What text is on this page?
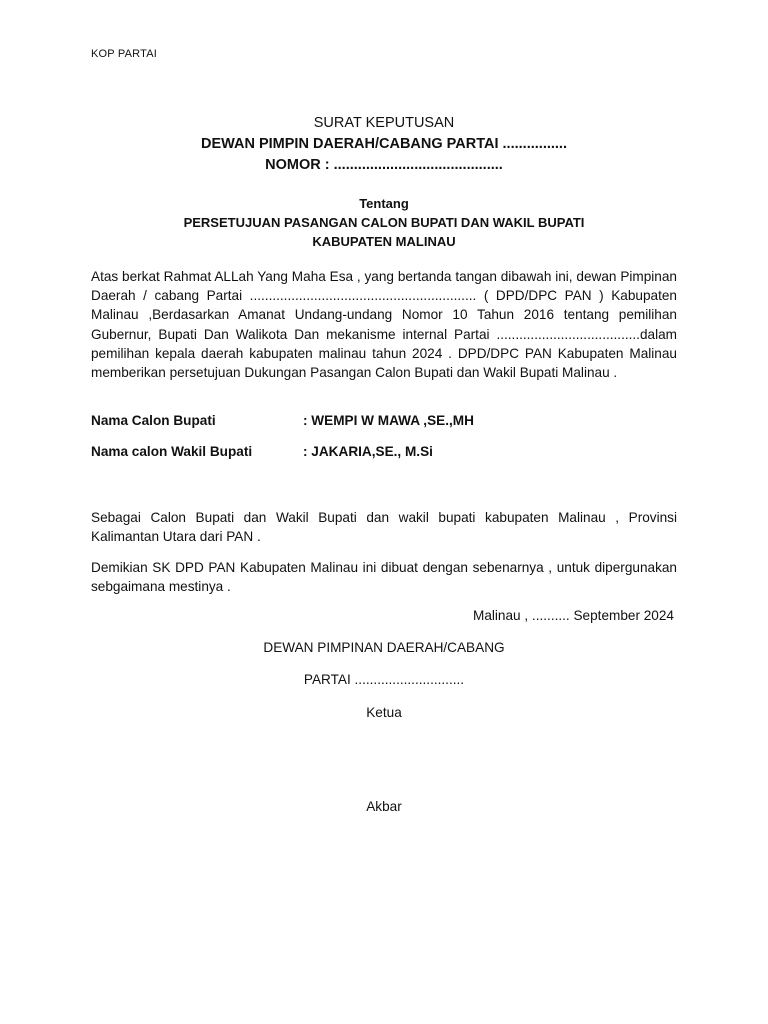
KOP PARTAI
SURAT KEPUTUSAN
DEWAN PIMPIN DAERAH/CABANG PARTAI ................
NOMOR : ..........................................
Tentang
PERSETUJUAN PASANGAN CALON BUPATI DAN WAKIL BUPATI
KABUPATEN MALINAU
Atas berkat Rahmat ALLah Yang Maha Esa , yang bertanda tangan dibawah ini, dewan Pimpinan Daerah / cabang Partai ............................................................ ( DPD/DPC PAN ) Kabupaten Malinau ,Berdasarkan Amanat Undang-undang Nomor 10 Tahun 2016 tentang pemilihan Gubernur, Bupati Dan Walikota Dan mekanisme internal Partai ......................................dalam pemilihan kepala daerah kabupaten malinau tahun 2024 . DPD/DPC PAN Kabupaten Malinau memberikan persetujuan Dukungan Pasangan Calon Bupati dan Wakil Bupati Malinau .
Nama Calon Bupati	: WEMPI W MAWA ,SE.,MH
Nama calon Wakil Bupati	: JAKARIA,SE., M.Si
Sebagai Calon Bupati dan Wakil Bupati dan wakil bupati kabupaten Malinau , Provinsi Kalimantan Utara dari PAN .
Demikian SK DPD PAN Kabupaten Malinau ini dibuat dengan sebenarnya , untuk dipergunakan sebgaimana mestinya .
Malinau , .......... September 2024
DEWAN PIMPINAN DAERAH/CABANG
PARTAI .............................
Ketua
Akbar
